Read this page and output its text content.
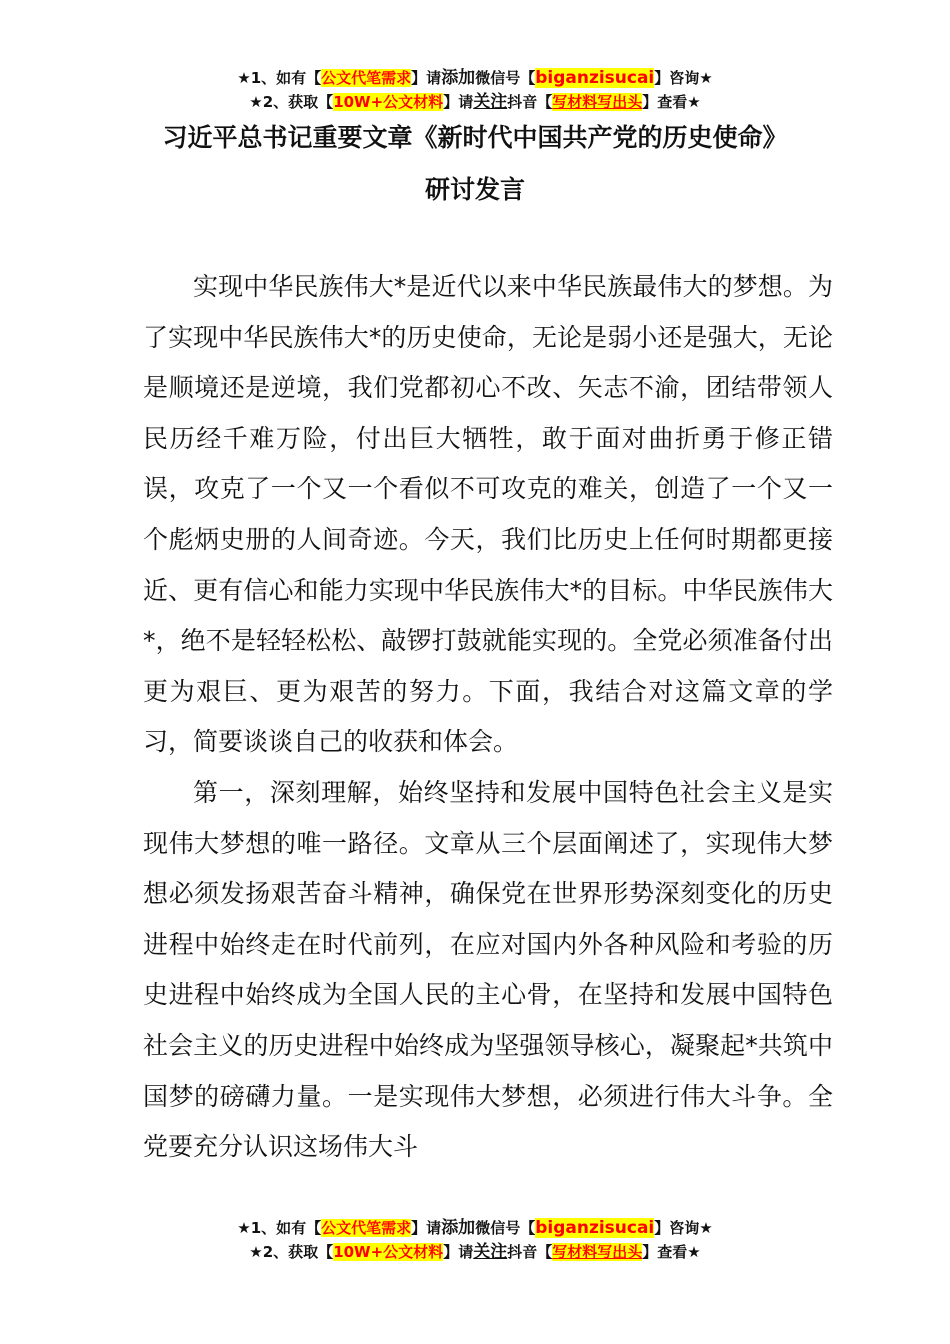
★1、如有【公文代笔需求】请添加微信号【biganzisucai】咨询★
★2、获取【10W+公文材料】请关注抖音【写材料写出头】查看★
习近平总书记重要文章《新时代中国共产党的历史使命》
研讨发言

实现中华民族伟大*是近代以来中华民族最伟大的梦想。为了实现中华民族伟大*的历史使命，无论是弱小还是强大，无论是顺境还是逆境，我们党都初心不改、矢志不渝，团结带领人民历经千难万险，付出巨大牺牲，敢于面对曲折勇于修正错误，攻克了一个又一个看似不可攻克的难关，创造了一个又一个彪炳史册的人间奇迹。今天，我们比历史上任何时期都更接近、更有信心和能力实现中华民族伟大*的目标。中华民族伟大*，绝不是轻轻松松、敲锣打鼓就能实现的。全党必须准备付出更为艰巨、更为艰苦的努力。下面，我结合对这篇文章的学习，简要谈谈自己的收获和体会。

第一，深刻理解，始终坚持和发展中国特色社会主义是实现伟大梦想的唯一路径。文章从三个层面阐述了，实现伟大梦想必须发扬艰苦奋斗精神，确保党在世界形势深刻变化的历史进程中始终走在时代前列，在应对国内外各种风险和考验的历史进程中始终成为全国人民的主心骨，在坚持和发展中国特色社会主义的历史进程中始终成为坚强领导核心，凝聚起*共筑中国梦的磅礴力量。一是实现伟大梦想，必须进行伟大斗争。全党要充分认识这场伟大斗

★1、如有【公文代笔需求】请添加微信号【biganzisucai】咨询★
★2、获取【10W+公文材料】请关注抖音【写材料写出头】查看★
